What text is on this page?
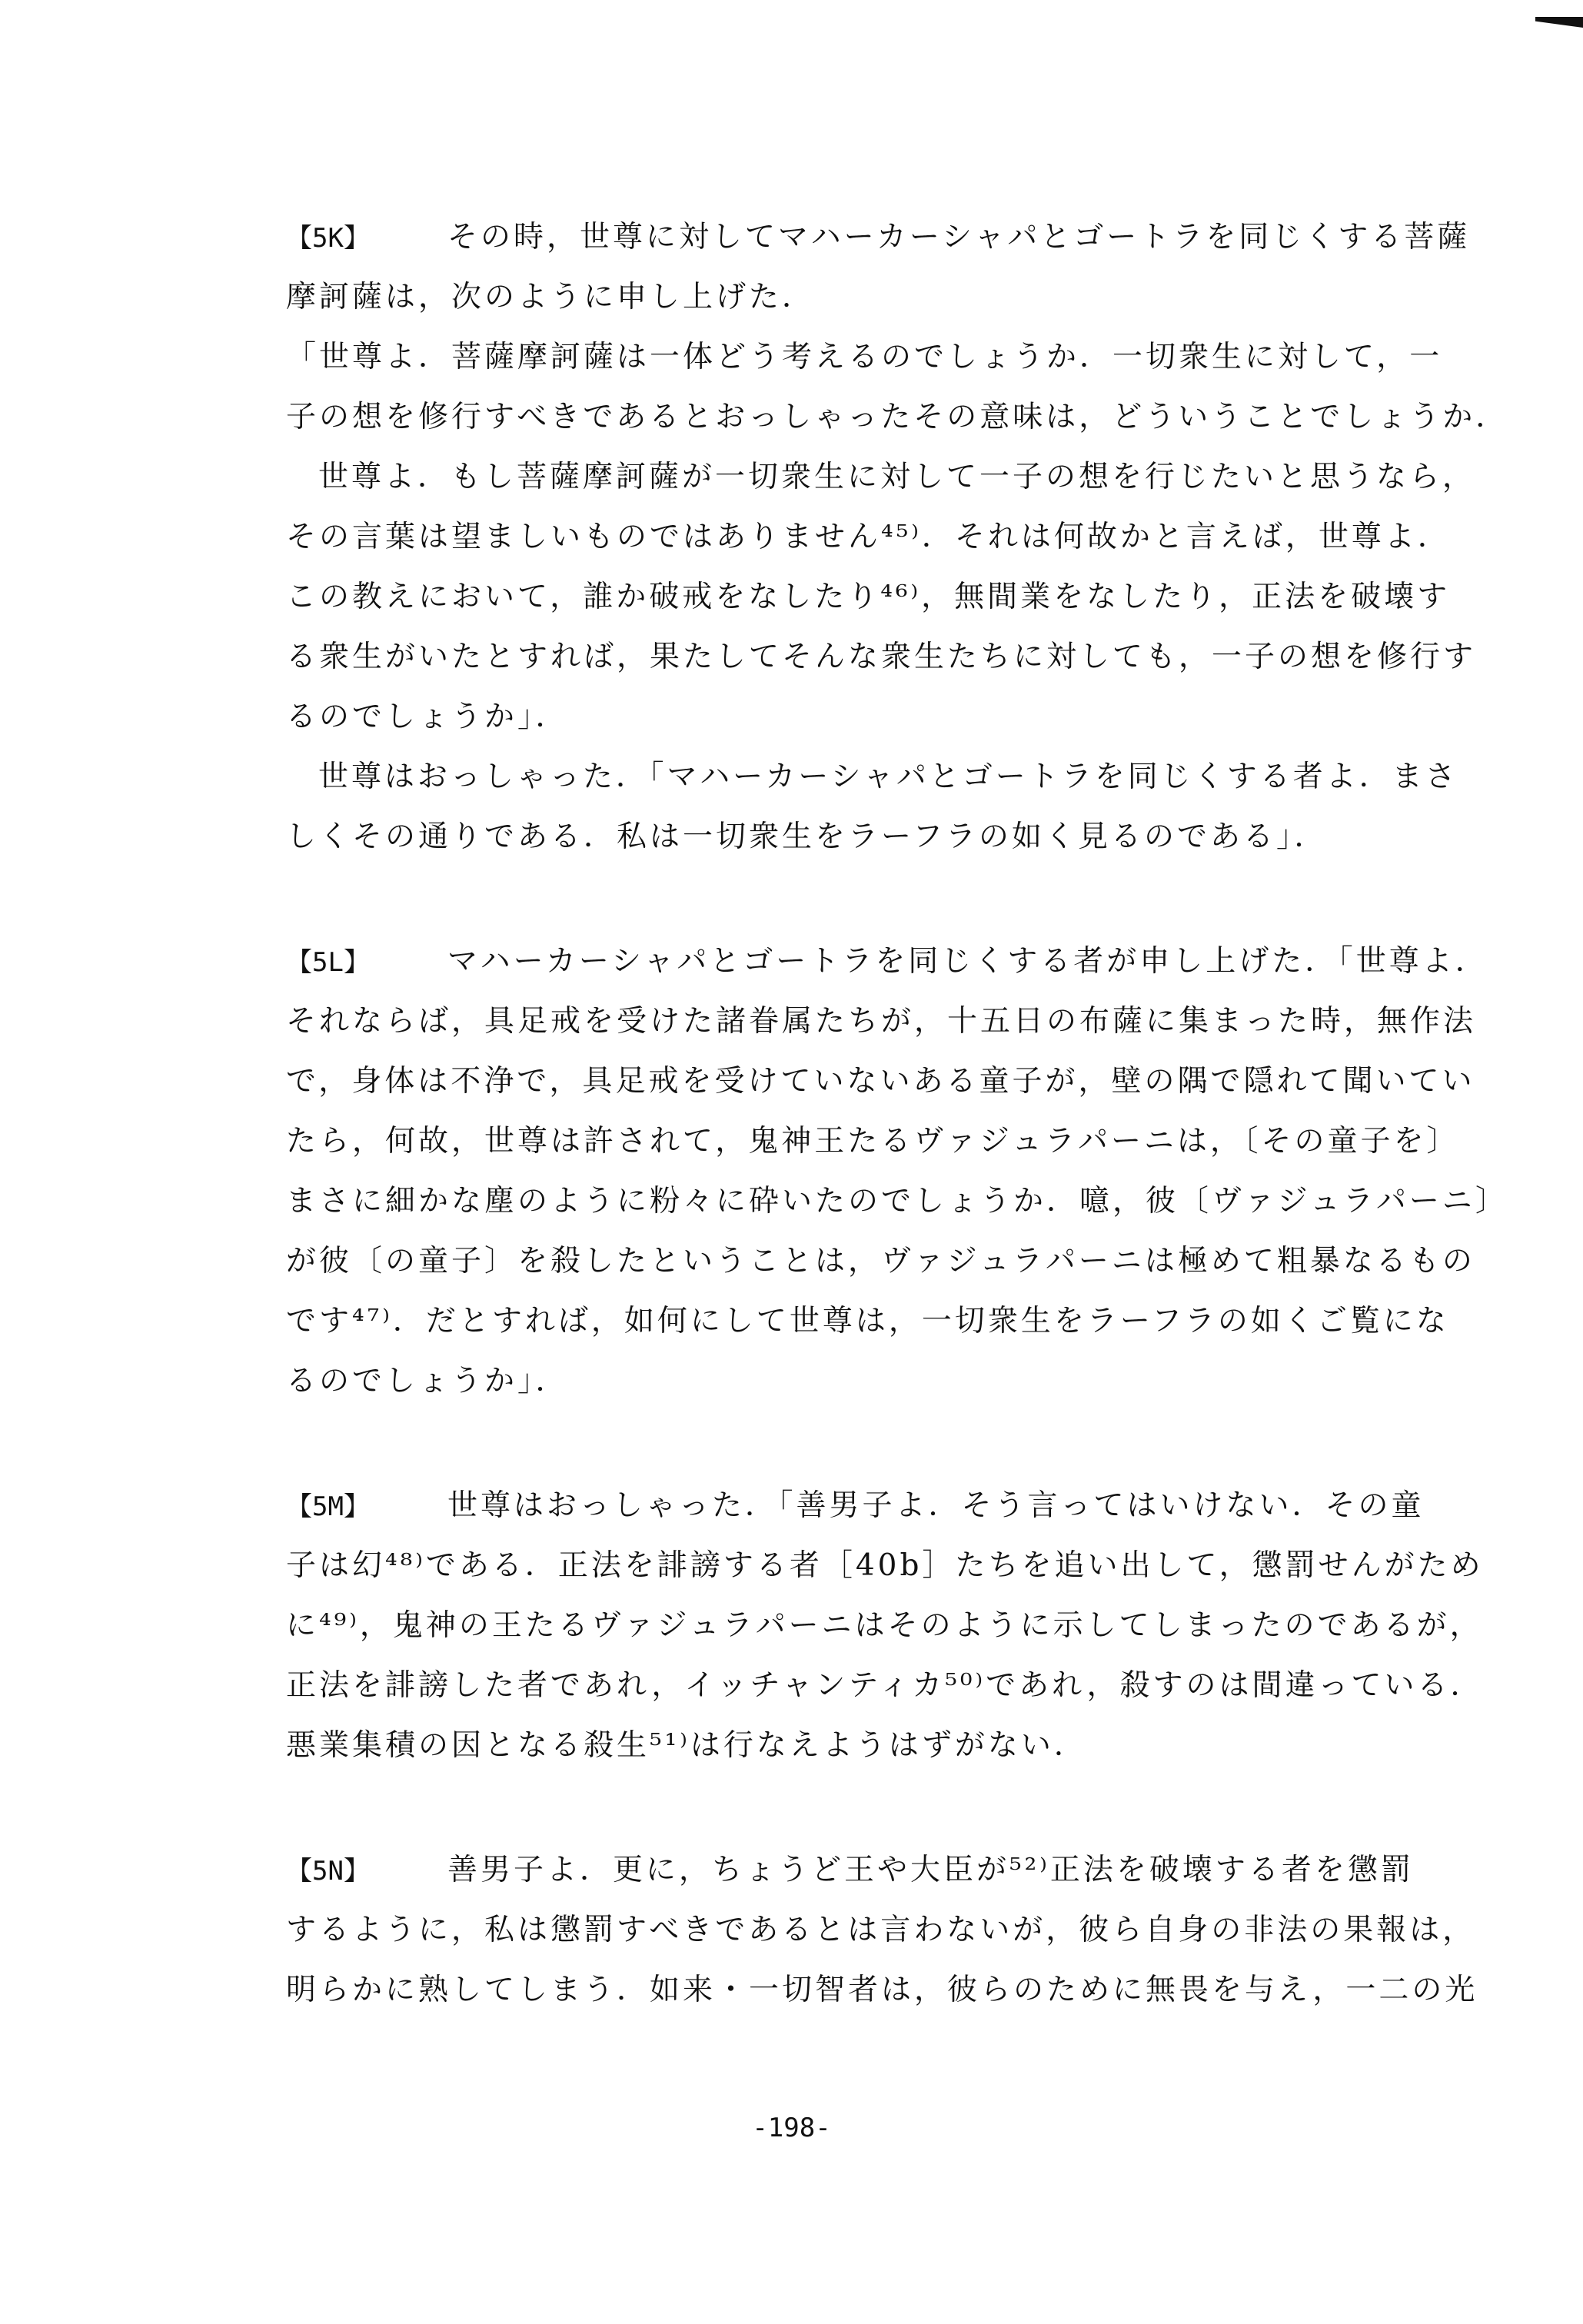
【5K】	その時，世尊に対してマハーカーシャパとゴートラを同じくする菩薩
摩訶薩は，次のように申し上げた．
「世尊よ．菩薩摩訶薩は一体どう考えるのでしょうか．一切衆生に対して，一
子の想を修行すべきであるとおっしゃったその意味は，どういうことでしょうか．
世尊よ．もし菩薩摩訶薩が一切衆生に対して一子の想を行じたいと思うなら，
その言葉は望ましいものではありません⁴⁵⁾．それは何故かと言えば，世尊よ．
この教えにおいて，誰か破戒をなしたり⁴⁶⁾，無間業をなしたり，正法を破壊す
る衆生がいたとすれば，果たしてそんな衆生たちに対しても，一子の想を修行す
るのでしょうか」．
世尊はおっしゃった．「マハーカーシャパとゴートラを同じくする者よ．まさ
しくその通りである．私は一切衆生をラーフラの如く見るのである」．
【5L】	マハーカーシャパとゴートラを同じくする者が申し上げた．「世尊よ．
それならば，具足戒を受けた諸眷属たちが，十五日の布薩に集まった時，無作法
で，身体は不浄で，具足戒を受けていないある童子が，壁の隅で隠れて聞いてい
たら，何故，世尊は許されて，鬼神王たるヴァジュラパーニは，〔その童子を〕
まさに細かな塵のように粉々に砕いたのでしょうか．噫，彼〔ヴァジュラパーニ〕
が彼〔の童子〕を殺したということは，ヴァジュラパーニは極めて粗暴なるもの
です⁴⁷⁾．だとすれば，如何にして世尊は，一切衆生をラーフラの如くご覧にな
るのでしょうか」．
【5M】	世尊はおっしゃった．「善男子よ．そう言ってはいけない．その童
子は幻⁴⁸⁾である．正法を誹謗する者［40b］たちを追い出して，懲罰せんがため
に⁴⁹⁾，鬼神の王たるヴァジュラパーニはそのように示してしまったのであるが，
正法を誹謗した者であれ，イッチャンティカ⁵⁰⁾であれ，殺すのは間違っている．
悪業集積の因となる殺生⁵¹⁾は行なえようはずがない．
【5N】	善男子よ．更に，ちょうど王や大臣が⁵²⁾正法を破壊する者を懲罰
するように，私は懲罰すべきであるとは言わないが，彼ら自身の非法の果報は，
明らかに熟してしまう．如来・一切智者は，彼らのために無畏を与え，一二の光
-198-
